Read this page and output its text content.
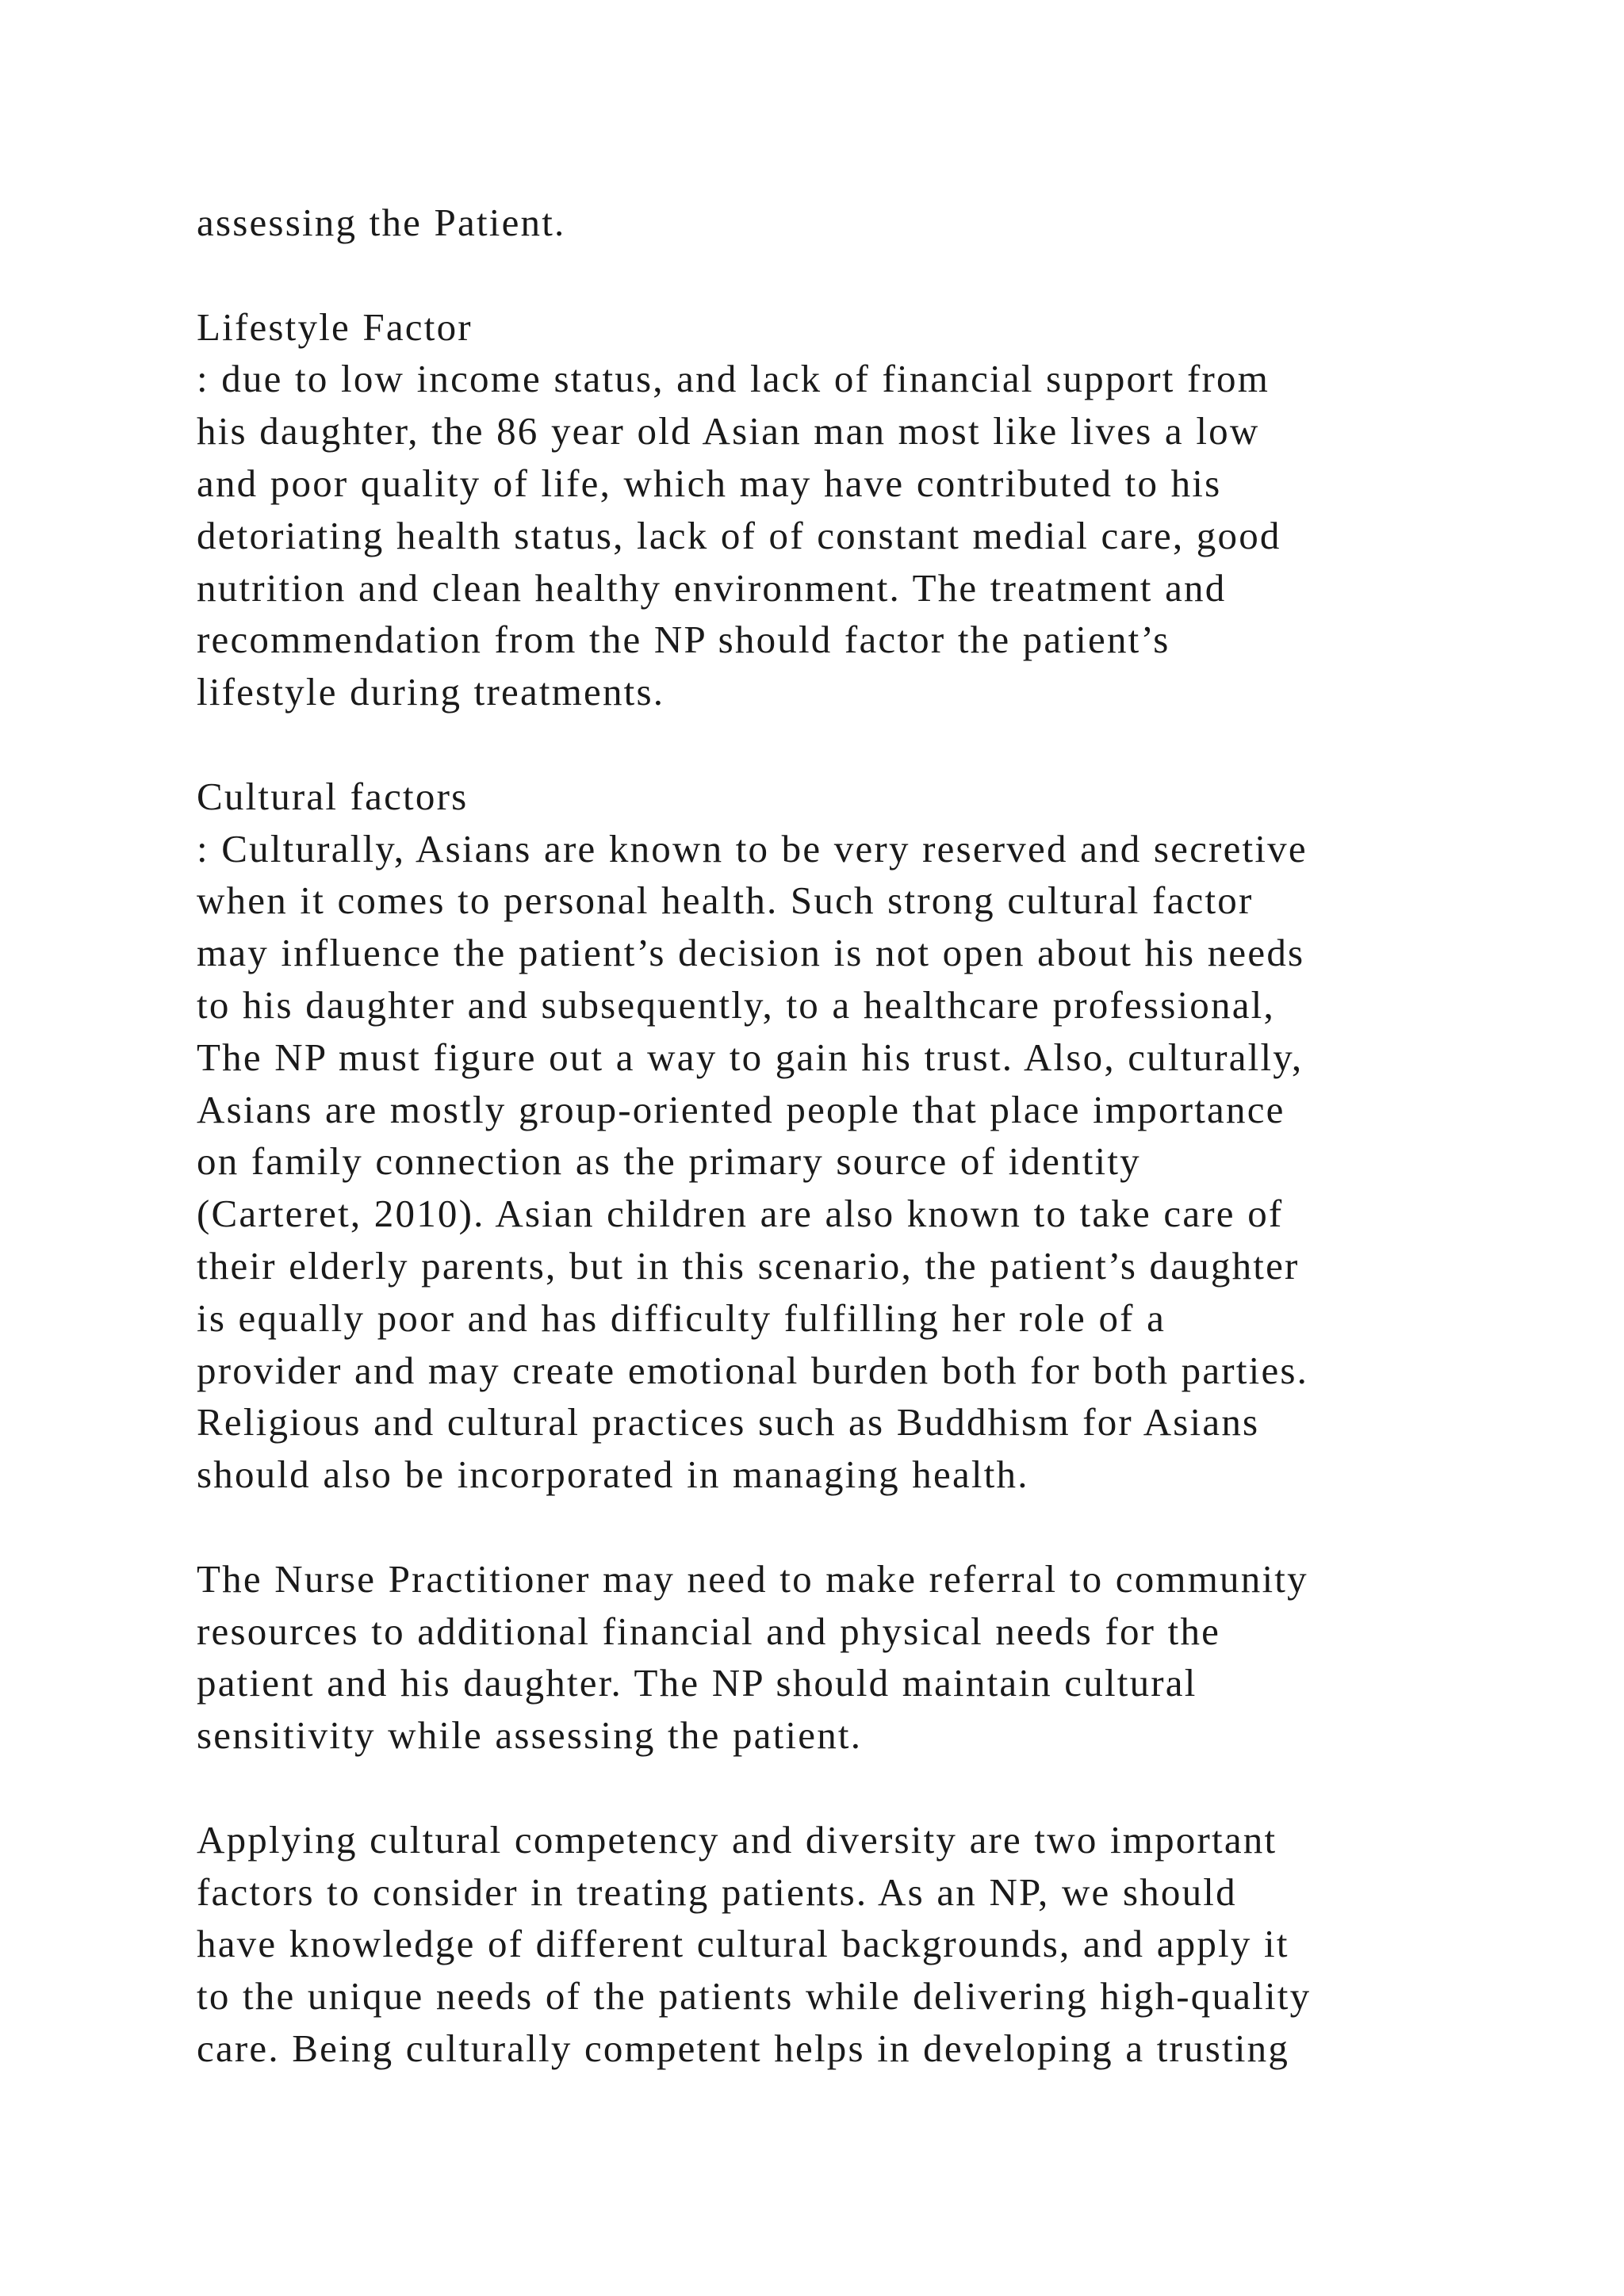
assessing the Patient.
Lifestyle Factor
: due to low income status, and lack of financial support from
his daughter, the 86 year old Asian man most like lives a low
and poor quality of life, which may have contributed to his
detoriating health status, lack of of constant medial care, good
nutrition and clean healthy environment. The treatment and
recommendation from the NP should factor the patient’s
lifestyle during treatments.
Cultural factors
: Culturally, Asians are known to be very reserved and secretive
when it comes to personal health. Such strong cultural factor
may influence the patient’s decision is not open about his needs
to his daughter and subsequently, to a healthcare professional,
The NP must figure out a way to gain his trust. Also, culturally,
Asians are mostly group-oriented people that place importance
on family connection as the primary source of identity
(Carteret, 2010). Asian children are also known to take care of
their elderly parents, but in this scenario, the patient’s daughter
is equally poor and has difficulty fulfilling her role of a
provider and may create emotional burden both for both parties.
Religious and cultural practices such as Buddhism for Asians
should also be incorporated in managing health.
The Nurse Practitioner may need to make referral to community
resources to additional financial and physical needs for the
patient and his daughter. The NP should maintain cultural
sensitivity while assessing the patient.
Applying cultural competency and diversity are two important
factors to consider in treating patients. As an NP, we should
have knowledge of different cultural backgrounds, and apply it
to the unique needs of the patients while delivering high-quality
care. Being culturally competent helps in developing a trusting
